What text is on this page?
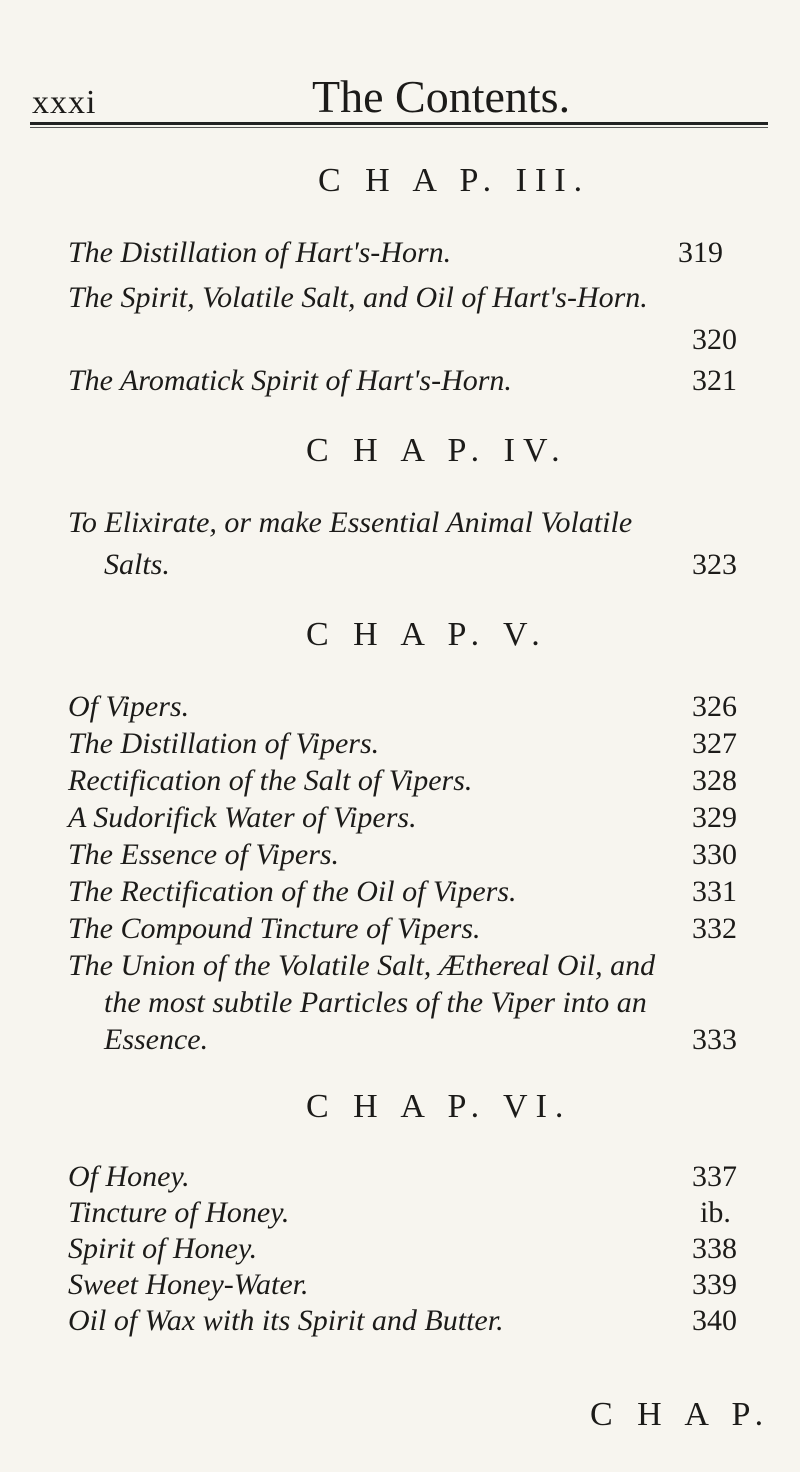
xxxi	The Contents.
C H A P. III.
The Distillation of Hart's-Horn.	319
The Spirit, Volatile Salt, and Oil of Hart's-Horn.
320
The Aromatick Spirit of Hart's-Horn.	321
C H A P. IV.
To Elixirate, or make Essential Animal Volatile
Salts.	323
C H A P. V.
Of Vipers.	326
The Distillation of Vipers.	327
Rectification of the Salt of Vipers.	328
A Sudorifick Water of Vipers.	329
The Essence of Vipers.	330
The Rectification of the Oil of Vipers.	331
The Compound Tincture of Vipers.	332
The Union of the Volatile Salt, Æthereal Oil, and
the most subtile Particles of the Viper into an
Essence.	333
C H A P. VI.
Of Honey.	337
Tincture of Honey.	ib.
Spirit of Honey.	338
Sweet Honey-Water.	339
Oil of Wax with its Spirit and Butter.	340
C H A P.
